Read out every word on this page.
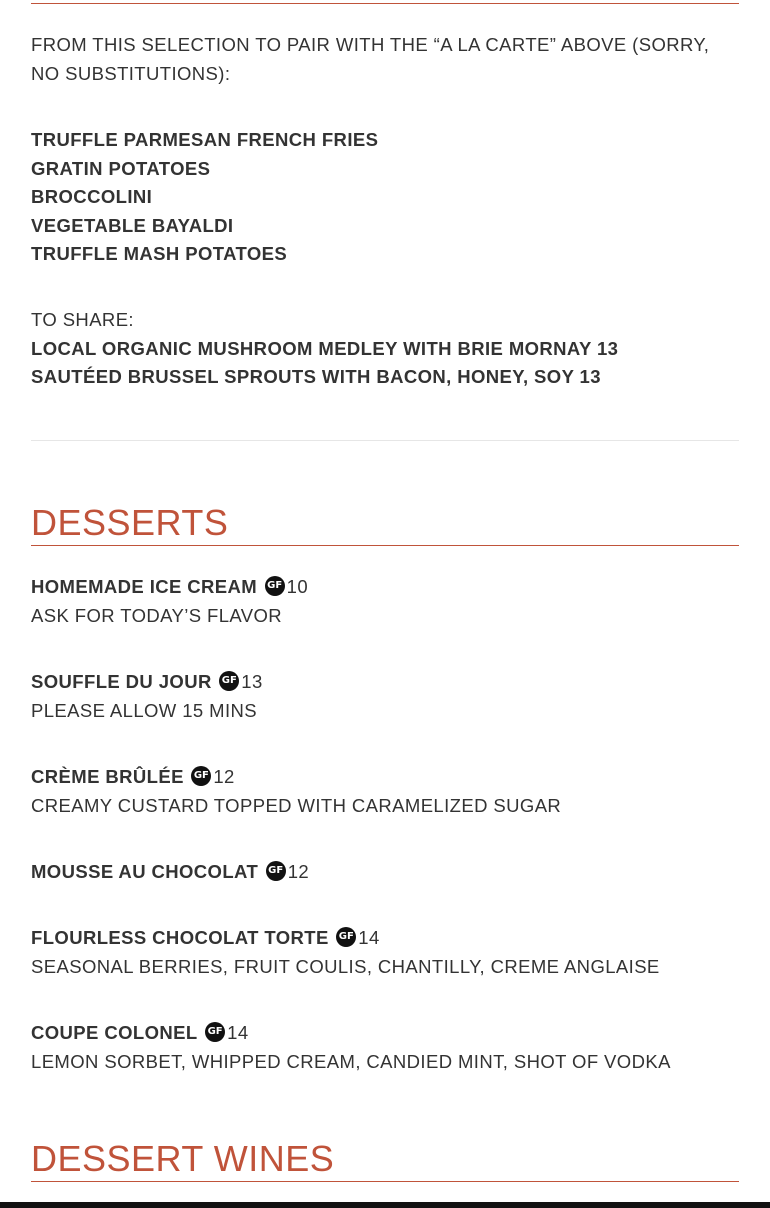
FROM THIS SELECTION TO PAIR WITH THE “A LA CARTE” ABOVE (SORRY, NO SUBSTITUTIONS):

TRUFFLE PARMESAN FRENCH FRIES
GRATIN POTATOES
BROCCOLINI
VEGETABLE BAYALDI
TRUFFLE MASH POTATOES
TO SHARE:
LOCAL ORGANIC MUSHROOM MEDLEY WITH BRIE MORNAY 13
SAUTÉED BRUSSEL SPROUTS WITH BACON, HONEY, SOY 13
DESSERTS
HOMEMADE ICE CREAM GF 10
ASK FOR TODAY’S FLAVOR
SOUFFLE DU JOUR GF 13
PLEASE ALLOW 15 MINS
CRÈME BRÛLÉE GF 12
CREAMY CUSTARD TOPPED WITH CARAMELIZED SUGAR
MOUSSE AU CHOCOLAT GF 12
FLOURLESS CHOCOLAT TORTE GF 14
SEASONAL BERRIES, FRUIT COULIS, CHANTILLY, CREME ANGLAISE
COUPE COLONEL GF 14
LEMON SORBET, WHIPPED CREAM, CANDIED MINT, SHOT OF VODKA
DESSERT WINES
